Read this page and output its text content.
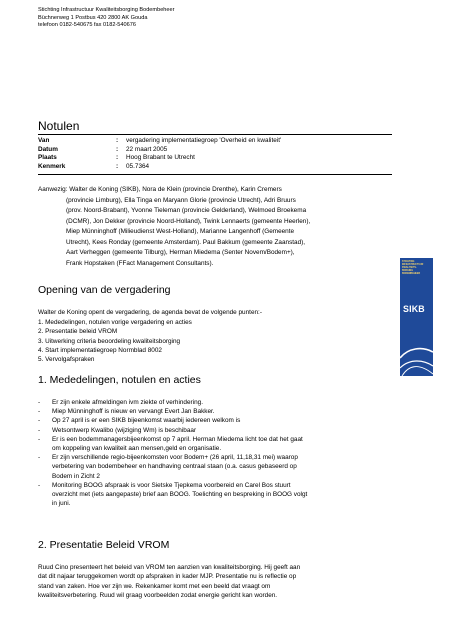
Stichting Infrastructuur Kwaliteitsborging Bodembeheer
Büchnerweg 1 Postbus 420 2800 AK Gouda
telefoon 0182-540675 fax 0182-540676
Notulen
Van	:	vergadering implementatiegroep 'Overheid en kwaliteit'
Datum	:	22 maart 2005
Plaats	:	Hoog Brabant te Utrecht
Kenmerk	:	05.7364
Aanwezig: Walter de Koning (SIKB), Nora de Klein (provincie Drenthe), Karin Cremers
(provincie Limburg), Ella Tinga en Maryann Glorie (provincie Utrecht), Adri Bruurs
(prov. Noord-Brabant), Yvonne Tieleman (provincie Gelderland), Welmoed Broekema
(DCMR), Jon Dekker (provincie Noord-Holland), Twink Lennaerts (gemeente Heerlen),
Miep Münninghoff (Milieudienst West-Holland), Marianne Langenhoff (Gemeente
Utrecht), Kees Ronday (gemeente Amsterdam). Paul Bakkum (gemeente Zaanstad),
Aart Verheggen (gemeente Tilburg), Herman Miedema (Senter Novem/Bodem+),
Frank Hopstaken (FFact Management Consultants).
Opening van de vergadering
Walter de Koning opent de vergadering, de agenda bevat de volgende punten:-
1. Mededelingen, notulen vorige vergadering en acties
2. Presentatie beleid VROM
3. Uitwerking criteria beoordeling kwaliteitsborging
4. Start implementatiegroep Normblad 8002
5. Vervolgafspraken
STICHTING
INFRASTRUCTUUR
KWALITEITS-
BORGING
BODEMBEHEER
SIKB
1. Mededelingen, notulen en acties
-	Er zijn enkele afmeldingen ivm ziekte of verhindering.
-	Miep Münninghoff is nieuw en vervangt Evert Jan Bakker.
-	Op 27 april is er een SIKB bijeenkomst waarbij iedereen welkom is
-	Wetsontwerp Kwalibo (wijziging Wm) is beschibaar
-	Er is een bodemmanagersbijeenkomst op 7 april. Herman Miedema licht toe dat het gaat
om koppeling van kwaliteit aan mensen,geld en organisatie.
-	Er zijn verschillende regio-bijeenkomsten voor Bodem+ (26 april, 11,18,31 mei) waarop
verbetering van bodembeheer en handhaving centraal staan (o.a. casus gebaseerd op
Bodem in Zicht 2
-	Monitoring BOOG afspraak is voor Sietske Tjepkema voorbereid en Carel Bos stuurt
overzicht met (iets aangepaste) brief aan BOOG. Toelichting en bespreking in BOOG volgt
in juni.
2. Presentatie Beleid VROM
Ruud Cino presenteert het beleid van VROM ten aanzien van kwaliteitsborging. Hij geeft aan
dat dit najaar teruggekomen wordt op afspraken in kader MJP. Presentatie nu is reflectie op
stand van zaken. Hoe ver zijn we. Rekenkamer komt met een beeld dat vraagt om
kwaliteitsverbetering. Ruud wil graag voorbeelden zodat energie gericht kan worden.
